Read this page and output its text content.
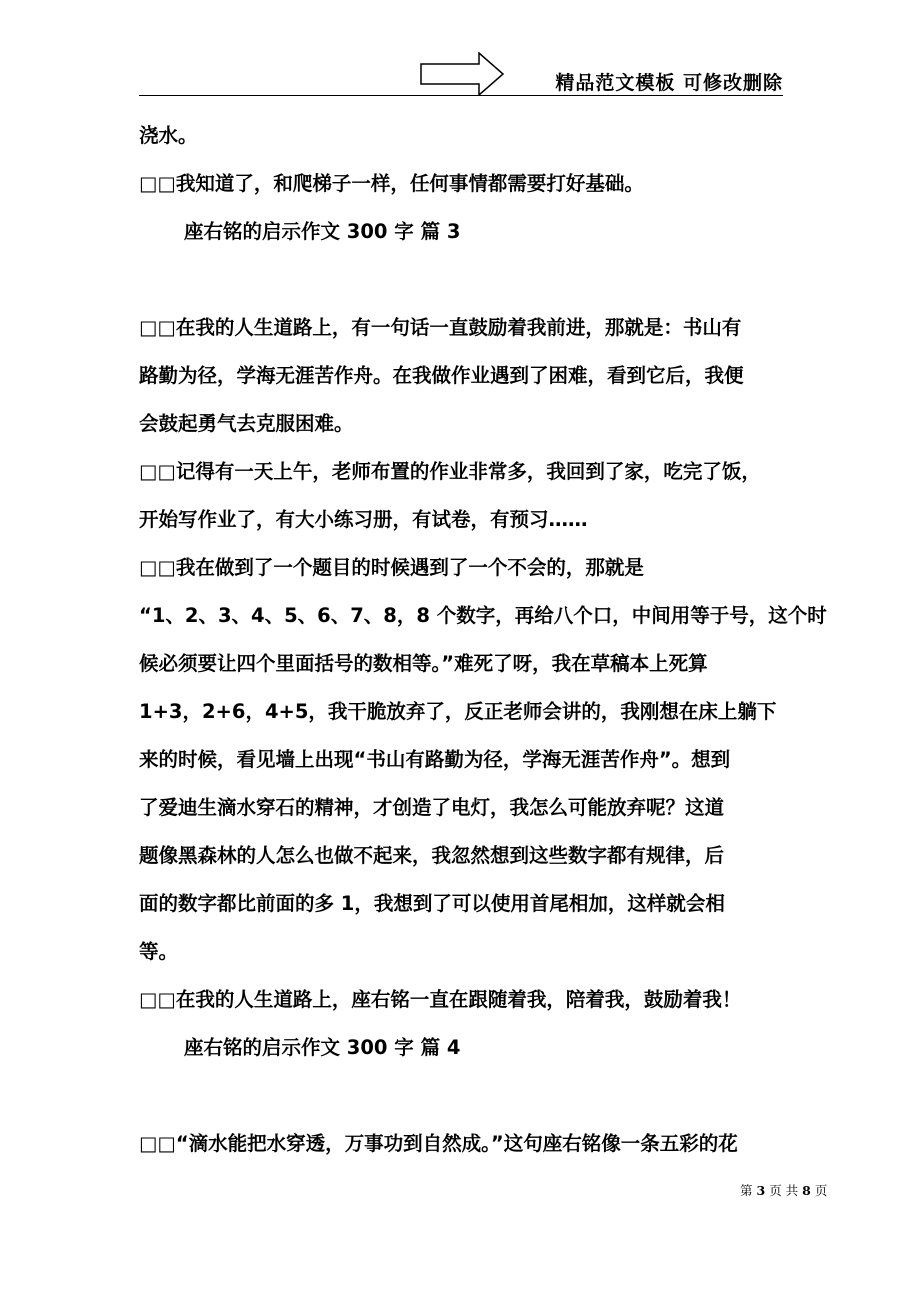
精品范文模板 可修改删除
浇水。
□□我知道了，和爬梯子一样，任何事情都需要打好基础。
座右铭的启示作文 300 字 篇 3
□□在我的人生道路上，有一句话一直鼓励着我前进，那就是：书山有
路勤为径，学海无涯苦作舟。在我做作业遇到了困难，看到它后，我便
会鼓起勇气去克服困难。
□□记得有一天上午，老师布置的作业非常多，我回到了家，吃完了饭，
开始写作业了，有大小练习册，有试卷，有预习……
□□我在做到了一个题目的时候遇到了一个不会的，那就是
“1、2、3、4、5、6、7、8，8 个数字，再给八个口，中间用等于号，这个时
候必须要让四个里面括号的数相等。”难死了呀，我在草稿本上死算
1+3，2+6，4+5，我干脆放弃了，反正老师会讲的，我刚想在床上躺下
来的时候，看见墙上出现“书山有路勤为径，学海无涯苦作舟”。想到
了爱迪生滴水穿石的精神，才创造了电灯，我怎么可能放弃呢？这道
题像黑森林的人怎么也做不起来，我忽然想到这些数字都有规律，后
面的数字都比前面的多 1，我想到了可以使用首尾相加，这样就会相
等。
□□在我的人生道路上，座右铭一直在跟随着我，陪着我，鼓励着我！
座右铭的启示作文 300 字 篇 4
□□“滴水能把水穿透，万事功到自然成。”这句座右铭像一条五彩的花
第 3 页 共 8 页
